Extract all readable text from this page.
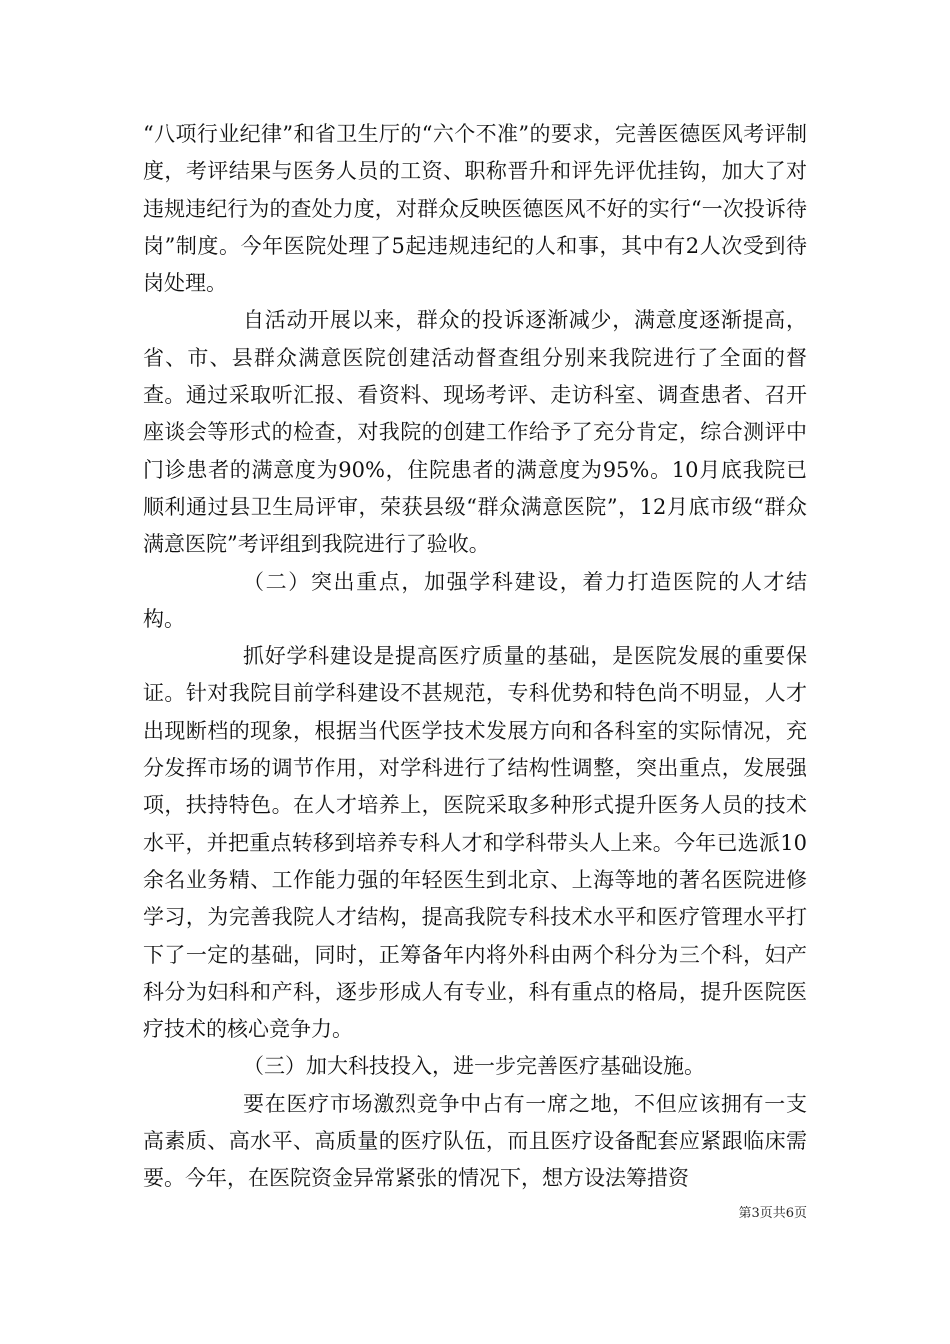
“八项行业纪律”和省卫生厅的“六个不准”的要求，完善医德医风考评制度，考评结果与医务人员的工资、职称晋升和评先评优挂钩，加大了对违规违纪行为的查处力度，对群众反映医德医风不好的实行“一次投诉待岗”制度。今年医院处理了5起违规违纪的人和事，其中有2人次受到待岗处理。

自活动开展以来，群众的投诉逐渐减少，满意度逐渐提高，省、市、县群众满意医院创建活动督查组分别来我院进行了全面的督查。通过采取听汇报、看资料、现场考评、走访科室、调查患者、召开座谈会等形式的检查，对我院的创建工作给予了充分肯定，综合测评中门诊患者的满意度为90%，住院患者的满意度为95%。10月底我院已顺利通过县卫生局评审，荣获县级“群众满意医院”，12月底市级“群众满意医院”考评组到我院进行了验收。

（二）突出重点，加强学科建设，着力打造医院的人才结构。

抓好学科建设是提高医疗质量的基础，是医院发展的重要保证。针对我院目前学科建设不甚规范，专科优势和特色尚不明显，人才出现断档的现象，根据当代医学技术发展方向和各科室的实际情况，充分发挥市场的调节作用，对学科进行了结构性调整，突出重点，发展强项，扶持特色。在人才培养上，医院采取多种形式提升医务人员的技术水平，并把重点转移到培养专科人才和学科带头人上来。今年已选派10余名业务精、工作能力强的年轻医生到北京、上海等地的著名医院进修学习，为完善我院人才结构，提高我院专科技术水平和医疗管理水平打下了一定的基础，同时，正筹备年内将外科由两个科分为三个科，妇产科分为妇科和产科，逐步形成人有专业，科有重点的格局，提升医院医疗技术的核心竞争力。

（三）加大科技投入，进一步完善医疗基础设施。

要在医疗市场激烈竞争中占有一席之地，不但应该拥有一支高素质、高水平、高质量的医疗队伍，而且医疗设备配套应紧跟临床需要。今年，在医院资金异常紧张的情况下，想方设法筹措资

第3页共6页
